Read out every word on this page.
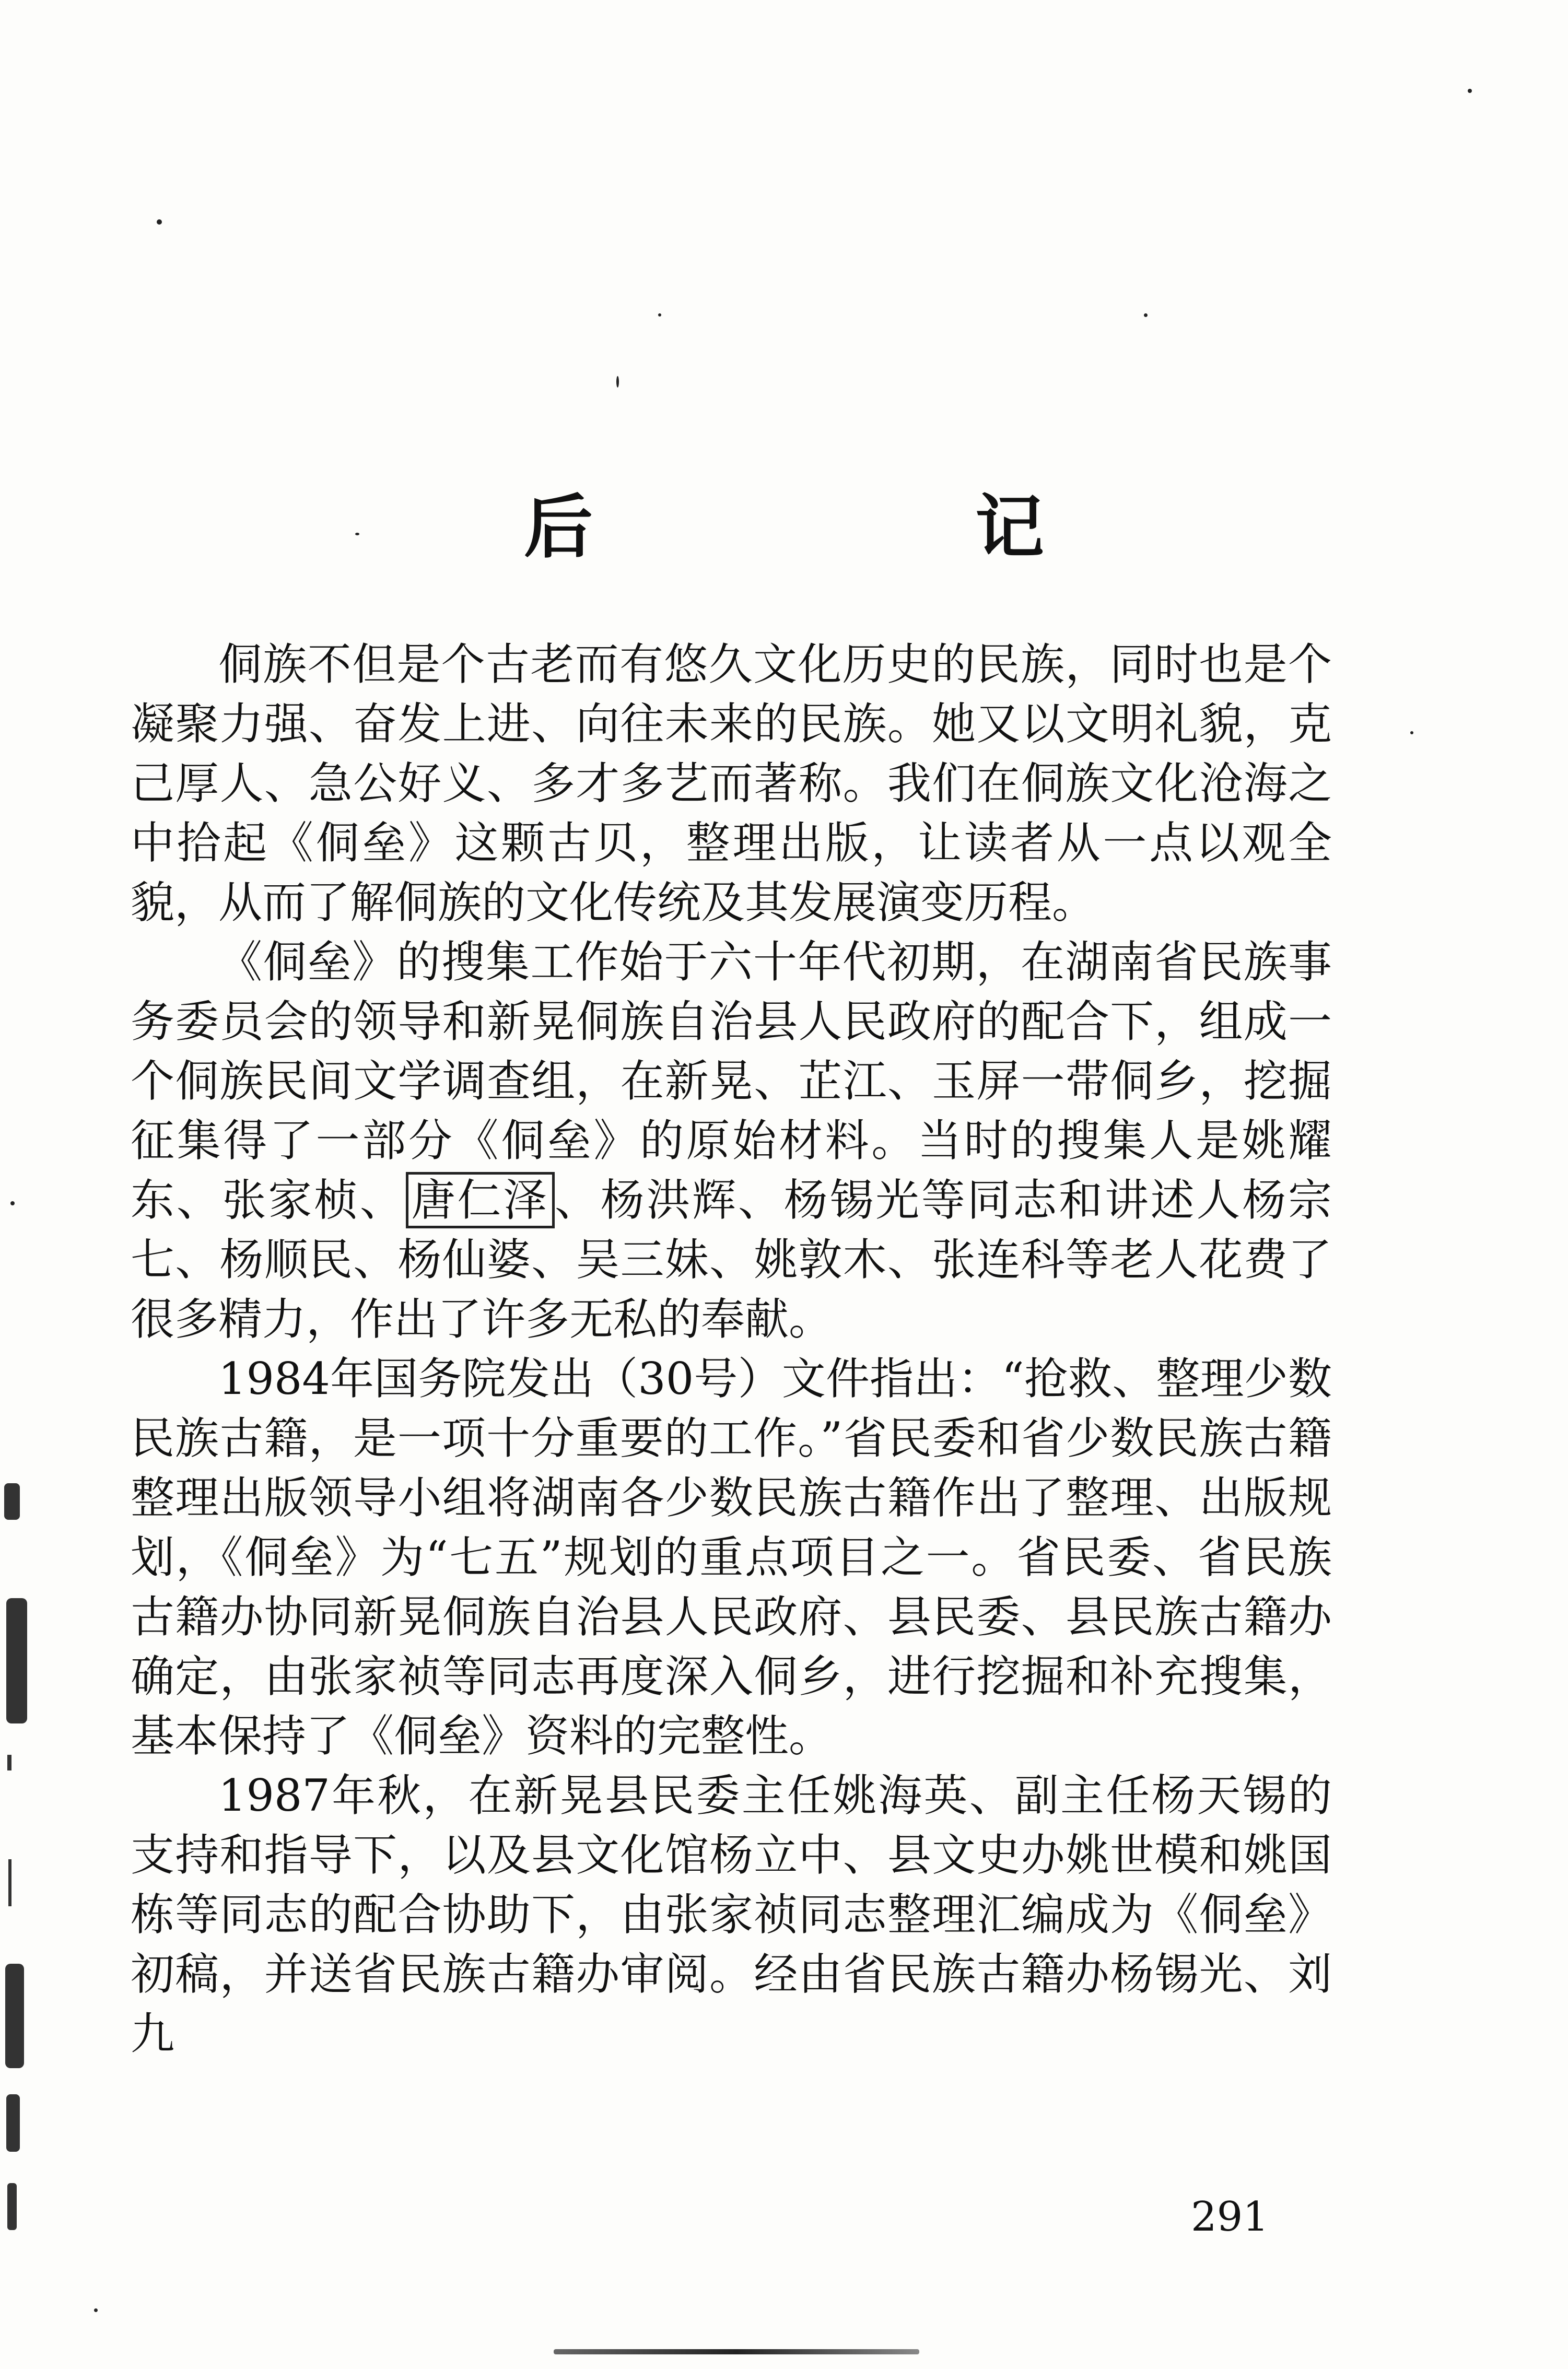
后　记

侗族不但是个古老而有悠久文化历史的民族，同时也是个凝聚力强、奋发上进、向往未来的民族。她又以文明礼貌，克己厚人、急公好义、多才多艺而著称。我们在侗族文化沧海之中拾起《侗垒》这颗古贝，整理出版，让读者从一点以观全貌，从而了解侗族的文化传统及其发展演变历程。

《侗垒》的搜集工作始于六十年代初期，在湖南省民族事务委员会的领导和新晃侗族自治县人民政府的配合下，组成一个侗族民间文学调查组，在新晃、芷江、玉屏一带侗乡，挖掘征集得了一部分《侗垒》的原始材料。当时的搜集人是姚耀东、张家桢、 唐仁泽 、杨洪辉、杨锡光等同志和讲述人杨宗七、杨顺民、杨仙婆、吴三妹、姚敦木、张连科等老人花费了很多精力，作出了许多无私的奉献。

1984年国务院发出（30号）文件指出：“抢救、整理少数民族古籍，是一项十分重要的工作。”省民委和省少数民族古籍整理出版领导小组将湖南各少数民族古籍作出了整理、出版规划，《侗垒》为“七五”规划的重点项目之一。省民委、省民族古籍办协同新晃侗族自治县人民政府、县民委、县民族古籍办确定，由张家祯等同志再度深入侗乡，进行挖掘和补充搜集，基本保持了《侗垒》资料的完整性。

1987年秋，在新晃县民委主任姚海英、副主任杨天锡的支持和指导下，以及县文化馆杨立中、县文史办姚世模和姚国栋等同志的配合协助下，由张家祯同志整理汇编成为《侗垒》初稿，并送省民族古籍办审阅。经由省民族古籍办杨锡光、刘九

291
